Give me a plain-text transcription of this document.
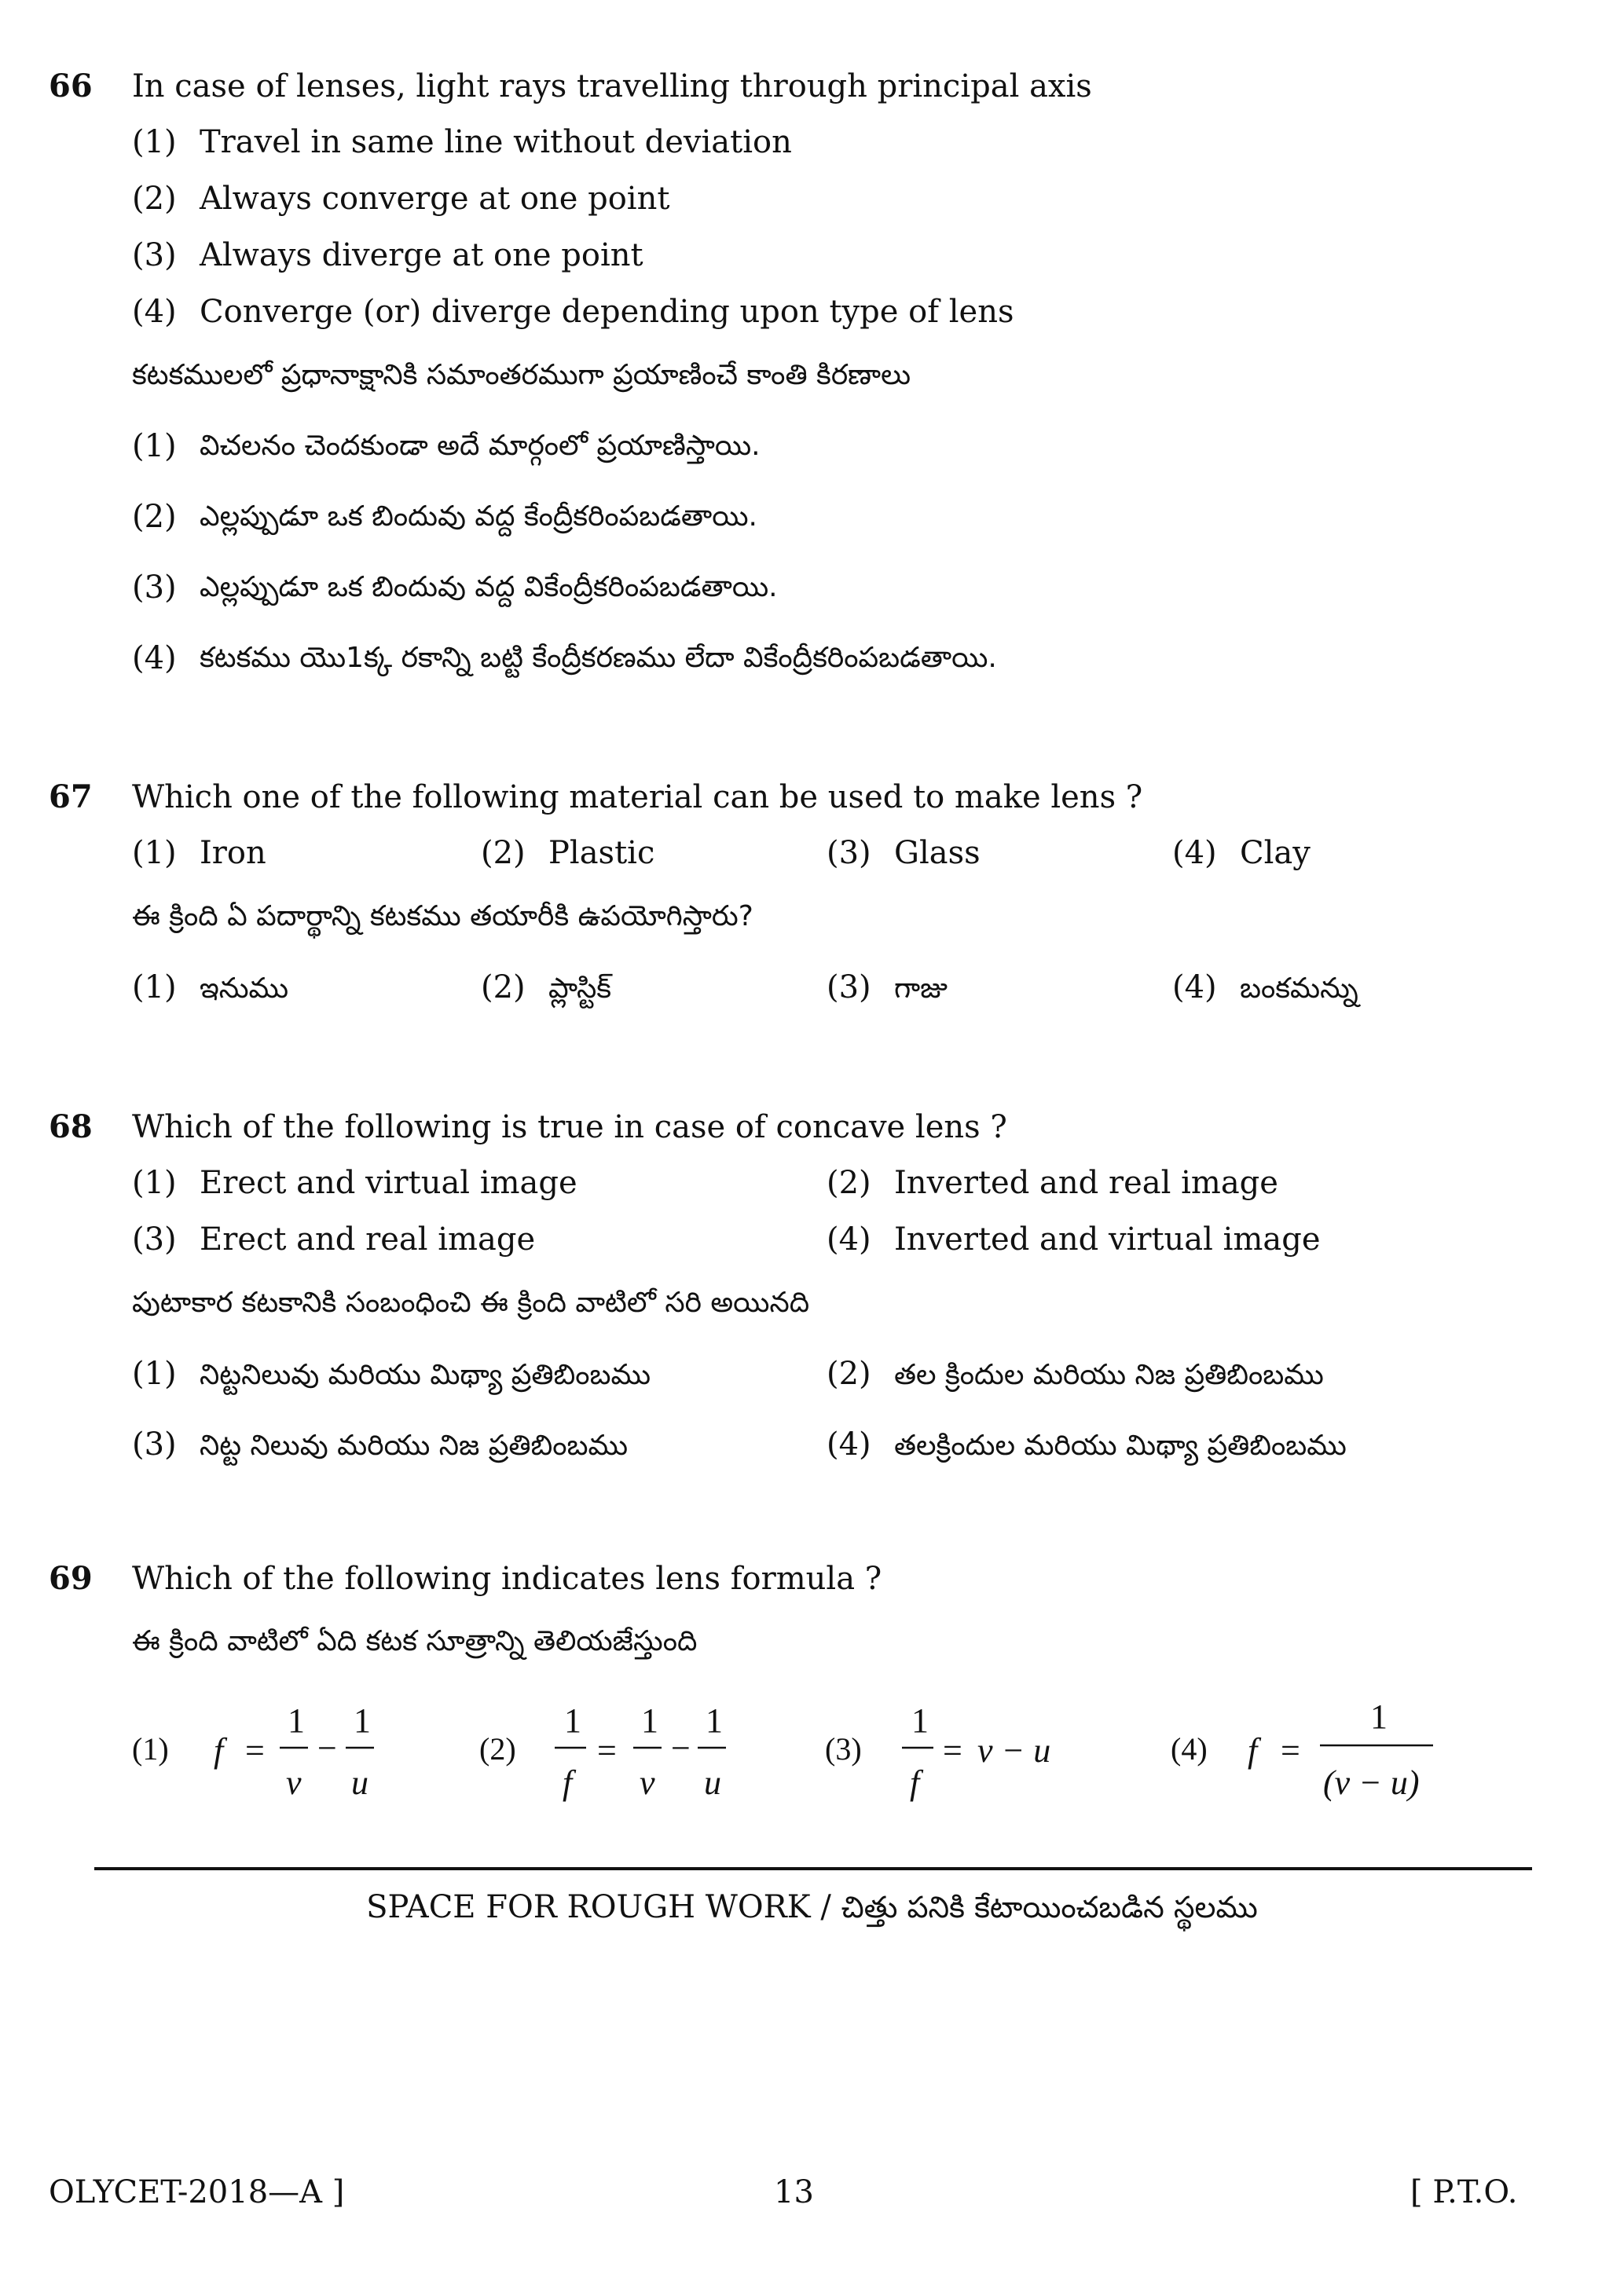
66 In case of lenses, light rays travelling through principal axis
(1) Travel in same line without deviation
(2) Always converge at one point
(3) Always diverge at one point
(4) Converge (or) diverge depending upon type of lens
కటకములలో ప్రధానాక్షానికి సమాంతరముగా ప్రయాణించే కాంతి కిరణాలు
(1) విచలనం చెందకుండా అదే మార్గంలో ప్రయాణిస్తాయి.
(2) ఎల్లప్పుడూ ఒక బిందువు వద్ద కేంద్రీకరింపబడతాయి.
(3) ఎల్లప్పుడూ ఒక బిందువు వద్ద వికేంద్రీకరింపబడతాయి.
(4) కటకము యొ1క్క రకాన్ని బట్టి కేంద్రీకరణము లేదా వికేంద్రీకరింపబడతాయి.
67 Which one of the following material can be used to make lens ?
(1) Iron	(2) Plastic	(3) Glass	(4) Clay
ఈ క్రింది ఏ పదార్థాన్ని కటకము తయారీకి ఉపయోగిస్తారు?
(1) ఇనుము	(2) ప్లాస్టిక్	(3) గాజు	(4) బంకమన్ను
68 Which of the following is true in case of concave lens ?
(1) Erect and virtual image	(2) Inverted and real image
(3) Erect and real image	(4) Inverted and virtual image
పుటాకార కటకానికి సంబంధించి ఈ క్రింది వాటిలో సరి అయినది
(1) నిట్టనిలువు మరియు మిథ్యా ప్రతిబింబము	(2) తల క్రిందుల మరియు నిజ ప్రతిబింబము
(3) నిట్ట నిలువు మరియు నిజ ప్రతిబింబము	(4) తలక్రిందుల మరియు మిథ్యా ప్రతిబింబము
69 Which of the following indicates lens formula ?
ఈ క్రింది వాటిలో ఏది కటక సూత్రాన్ని తెలియజేస్తుంది
(1) f =
1
v
−
1
u
(2)
1
f
=
1
v
−
1
u
(3)
1
f
= v − u	(4) f =
1
(v − u)
SPACE FOR ROUGH WORK / చిత్తు పనికి కేటాయించబడిన స్థలము
OLYCET-2018—A ]	13	[ P.T.O.
